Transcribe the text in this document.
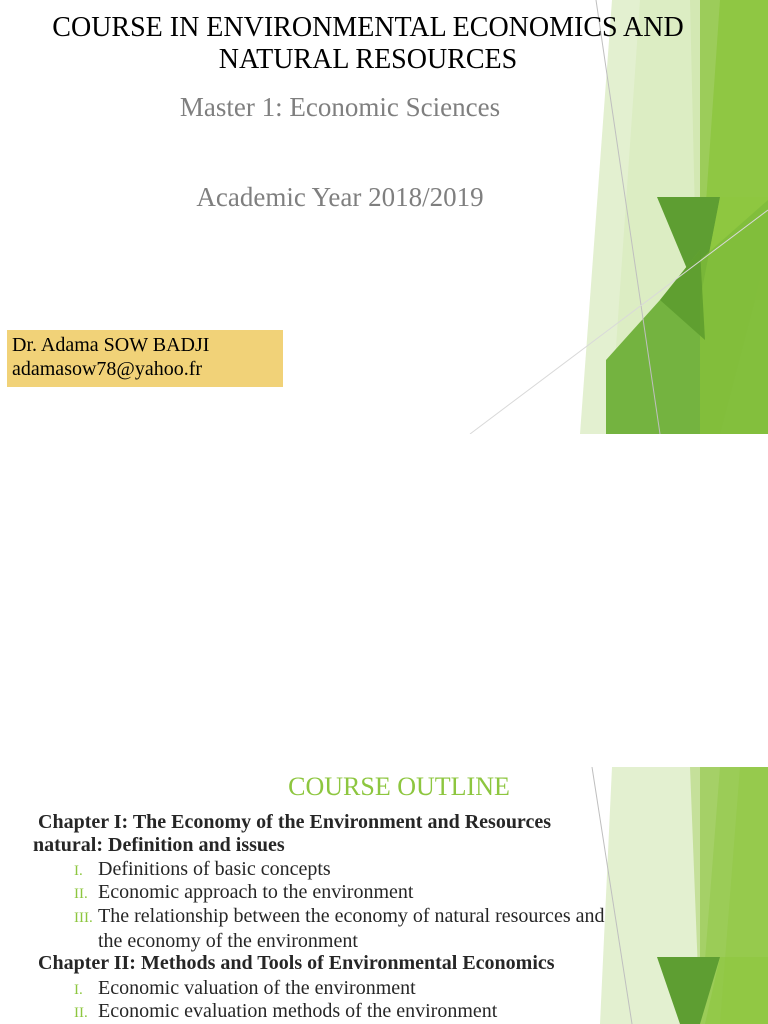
COURSE IN ENVIRONMENTAL ECONOMICS AND
NATURAL RESOURCES

Master 1: Economic Sciences

Academic Year 2018/2019

Dr. Adama SOW BADJI
adamasow78@yahoo.fr
COURSE OUTLINE

Chapter I: The Economy of the Environment and Resources
natural: Definition and issues

I. Definitions of basic concepts
II. Economic approach to the environment
III. The relationship between the economy of natural resources and
the economy of the environment

Chapter II: Methods and Tools of Environmental Economics

I. Economic valuation of the environment
II. Economic evaluation methods of the environment
